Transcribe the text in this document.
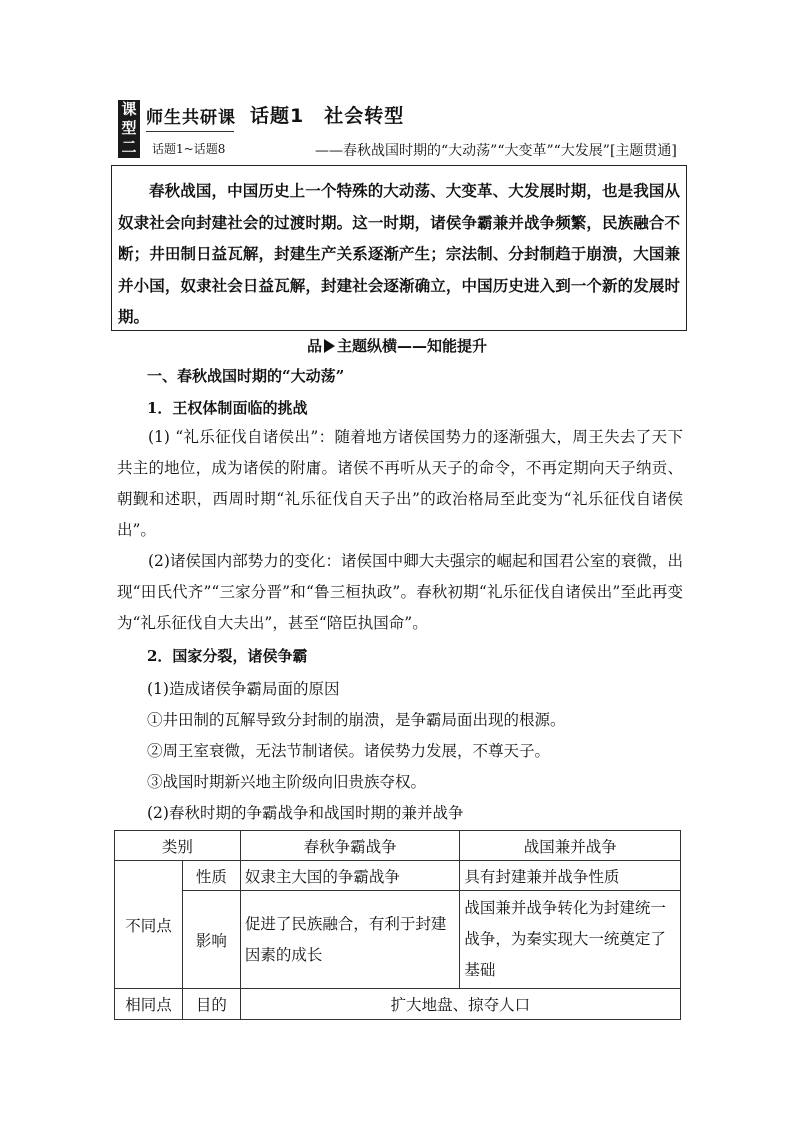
课
型
二
师生共研课
话题1~话题8
话题1　社会转型
——春秋战国时期的“大动荡”“大变革”“大发展”[主题贯通]
春秋战国，中国历史上一个特殊的大动荡、大变革、大发展时期，也是我国从奴隶社会向封建社会的过渡时期。这一时期，诸侯争霸兼并战争频繁，民族融合不断；井田制日益瓦解，封建生产关系逐渐产生；宗法制、分封制趋于崩溃，大国兼并小国，奴隶社会日益瓦解，封建社会逐渐确立，中国历史进入到一个新的发展时期。
品 主题纵横——知能提升
一、春秋战国时期的“大动荡”
1．王权体制面临的挑战
(1) “礼乐征伐自诸侯出”：随着地方诸侯国势力的逐渐强大，周王失去了天下共主的地位，成为诸侯的附庸。诸侯不再听从天子的命令，不再定期向天子纳贡、朝觐和述职，西周时期“礼乐征伐自天子出”的政治格局至此变为“礼乐征伐自诸侯出”。
(2)诸侯国内部势力的变化：诸侯国中卿大夫强宗的崛起和国君公室的衰微，出现“田氏代齐”“三家分晋”和“鲁三桓执政”。春秋初期“礼乐征伐自诸侯出”至此再变为“礼乐征伐自大夫出”，甚至“陪臣执国命”。
2．国家分裂，诸侯争霸
(1)造成诸侯争霸局面的原因
①井田制的瓦解导致分封制的崩溃，是争霸局面出现的根源。
②周王室衰微，无法节制诸侯。诸侯势力发展，不尊天子。
③战国时期新兴地主阶级向旧贵族夺权。
(2)春秋时期的争霸战争和战国时期的兼并战争
类别		春秋争霸战争	战国兼并战争
不同点	性质	奴隶主大国的争霸战争	具有封建兼并战争性质
	影响	促进了民族融合，有利于封建因素的成长	战国兼并战争转化为封建统一战争，为秦实现大一统奠定了基础
相同点	目的	扩大地盘、掠夺人口	
